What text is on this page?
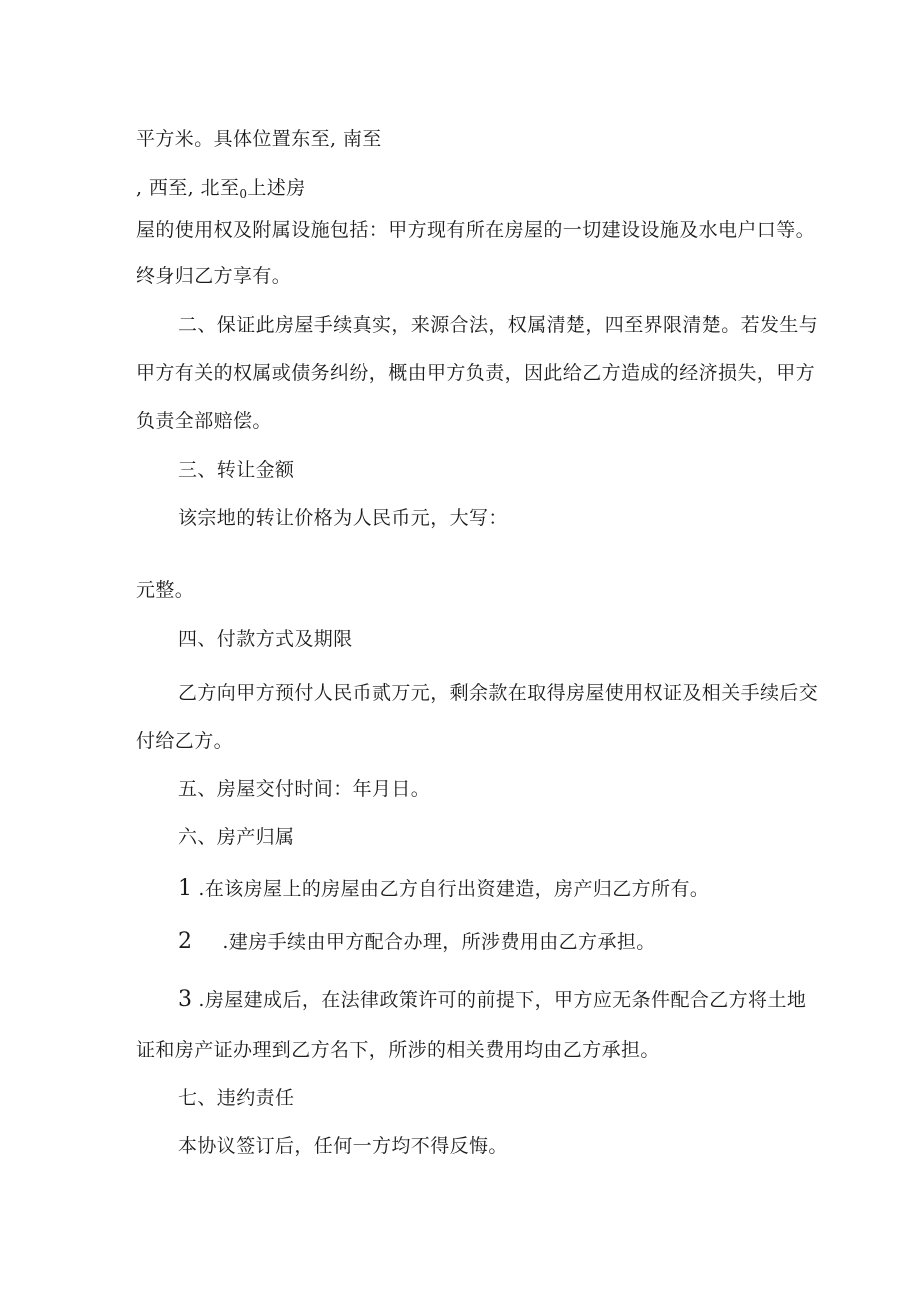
平方米。具体位置东至, 南至
, 西至, 北至$_0$上述房
屋的使用权及附属设施包括：甲方现有所在房屋的一切建设设施及水电户口等。
终身归乙方享有。
二、保证此房屋手续真实，来源合法，权属清楚，四至界限清楚。若发生与
甲方有关的权属或债务纠纷，概由甲方负责，因此给乙方造成的经济损失，甲方
负责全部赔偿。
三、转让金额
该宗地的转让价格为人民币元，大写：
元整。
四、付款方式及期限
乙方向甲方预付人民币贰万元，剩余款在取得房屋使用权证及相关手续后交
付给乙方。
五、房屋交付时间：年月日。
六、房产归属
1 .在该房屋上的房屋由乙方自行出资建造，房产归乙方所有。
2 .建房手续由甲方配合办理，所涉费用由乙方承担。
3 .房屋建成后，在法律政策许可的前提下，甲方应无条件配合乙方将土地
证和房产证办理到乙方名下，所涉的相关费用均由乙方承担。
七、违约责任
本协议签订后，任何一方均不得反悔。
